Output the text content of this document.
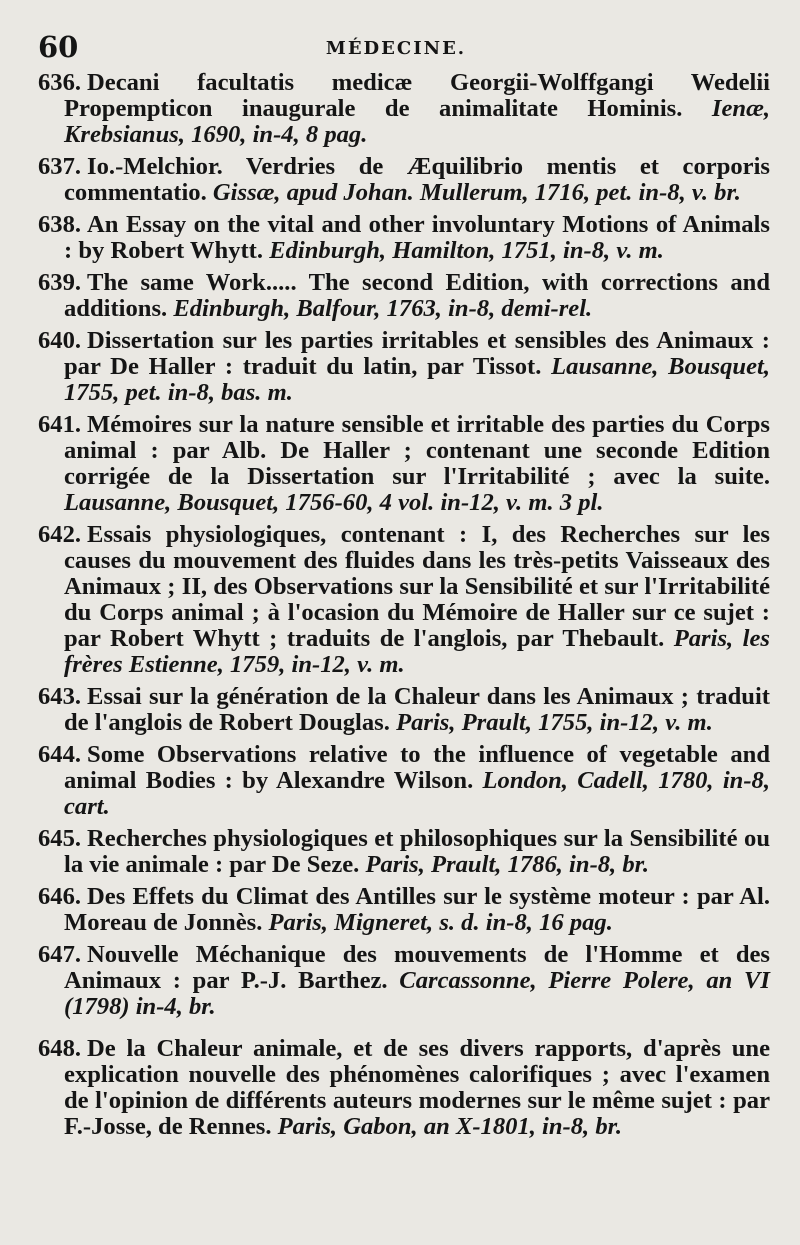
60	MÉDECINE.

636. Decani facultatis medicæ Georgii-Wolffgangi Wedelii Propempticon inaugurale de animalitate Hominis. Ienæ, Krebsianus, 1690, in-4, 8 pag.

637. Io.-Melchior. Verdries de Æquilibrio mentis et corporis commentatio. Gissæ, apud Johan. Mullerum, 1716, pet. in-8, v. br.

638. An Essay on the vital and other involuntary Motions of Animals : by Robert Whytt. Edinburgh, Hamilton, 1751, in-8, v. m.

639. The same Work..... The second Edition, with corrections and additions. Edinburgh, Balfour, 1763, in-8, demi-rel.

640. Dissertation sur les parties irritables et sensibles des Animaux : par De Haller : traduit du latin, par Tissot. Lausanne, Bousquet, 1755, pet. in-8, bas. m.

641. Mémoires sur la nature sensible et irritable des parties du Corps animal : par Alb. De Haller ; contenant une seconde Edition corrigée de la Dissertation sur l'Irritabilité ; avec la suite. Lausanne, Bousquet, 1756-60, 4 vol. in-12, v. m. 3 pl.

642. Essais physiologiques, contenant : I, des Recherches sur les causes du mouvement des fluides dans les très-petits Vaisseaux des Animaux ; II, des Observations sur la Sensibilité et sur l'Irritabilité du Corps animal ; à l'ocasion du Mémoire de Haller sur ce sujet : par Robert Whytt ; traduits de l'anglois, par Thebault. Paris, les frères Estienne, 1759, in-12, v. m.

643. Essai sur la génération de la Chaleur dans les Animaux ; traduit de l'anglois de Robert Douglas. Paris, Prault, 1755, in-12, v. m.

644. Some Observations relative to the influence of vegetable and animal Bodies : by Alexandre Wilson. London, Cadell, 1780, in-8, cart.

645. Recherches physiologiques et philosophiques sur la Sensibilité ou la vie animale : par De Seze. Paris, Prault, 1786, in-8, br.

646. Des Effets du Climat des Antilles sur le système moteur : par Al. Moreau de Jonnès. Paris, Migneret, s. d. in-8, 16 pag.

647. Nouvelle Méchanique des mouvements de l'Homme et des Animaux : par P.-J. Barthez. Carcassonne, Pierre Polere, an VI (1798) in-4, br.

648. De la Chaleur animale, et de ses divers rapports, d'après une explication nouvelle des phénomènes calorifiques ; avec l'examen de l'opinion de différents auteurs modernes sur le même sujet : par F.-Josse, de Rennes. Paris, Gabon, an X-1801, in-8, br.
